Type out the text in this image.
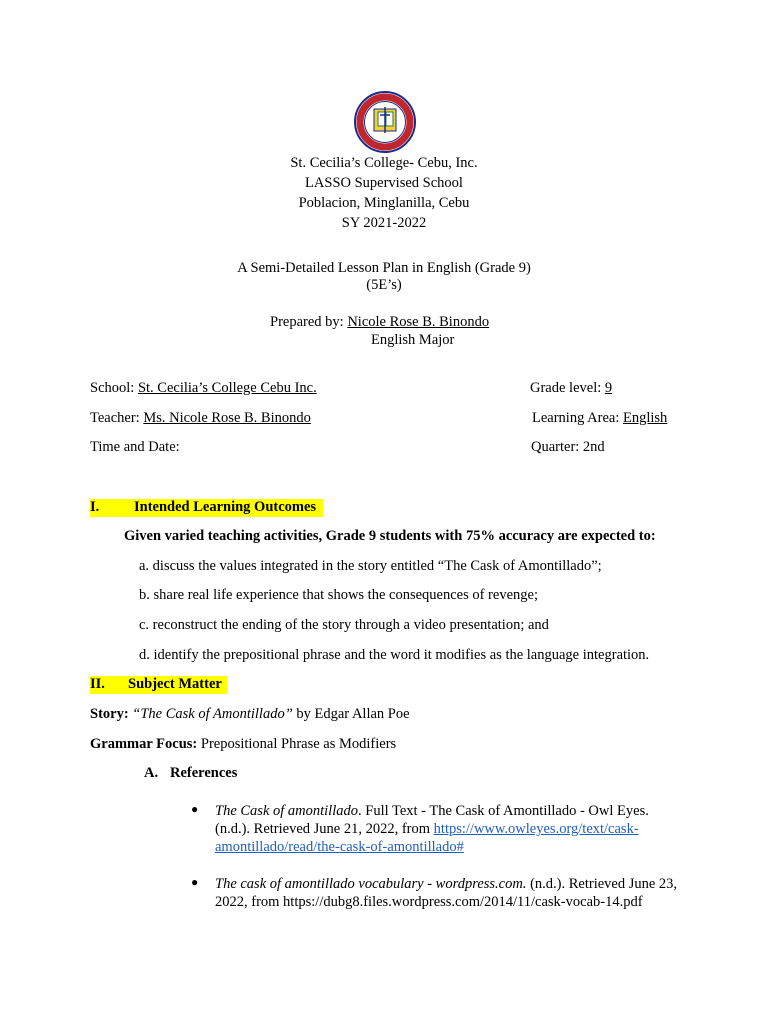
St. Cecilia’s College- Cebu, Inc.
LASSO Supervised School
Poblacion, Minglanilla, Cebu
SY 2021-2022
A Semi-Detailed Lesson Plan in English (Grade 9)
(5E’s)
Prepared by: Nicole Rose B. Binondo
English Major
School: St. Cecilia’s College Cebu Inc.	Grade level: 9
Teacher: Ms. Nicole Rose B. Binondo	Learning Area: English
Time and Date:	Quarter: 2nd
I. Intended Learning Outcomes
Given varied teaching activities, Grade 9 students with 75% accuracy are expected to:
a. discuss the values integrated in the story entitled “The Cask of Amontillado”;
b. share real life experience that shows the consequences of revenge;
c. reconstruct the ending of the story through a video presentation; and
d. identify the prepositional phrase and the word it modifies as the language integration.
II. Subject Matter
Story: “The Cask of Amontillado” by Edgar Allan Poe
Grammar Focus: Prepositional Phrase as Modifiers
A. References
● The Cask of amontillado. Full Text - The Cask of Amontillado - Owl Eyes. (n.d.). Retrieved June 21, 2022, from https://www.owleyes.org/text/cask-amontillado/read/the-cask-of-amontillado#
● The cask of amontillado vocabulary - wordpress.com. (n.d.). Retrieved June 23, 2022, from https://dubg8.files.wordpress.com/2014/11/cask-vocab-14.pdf
